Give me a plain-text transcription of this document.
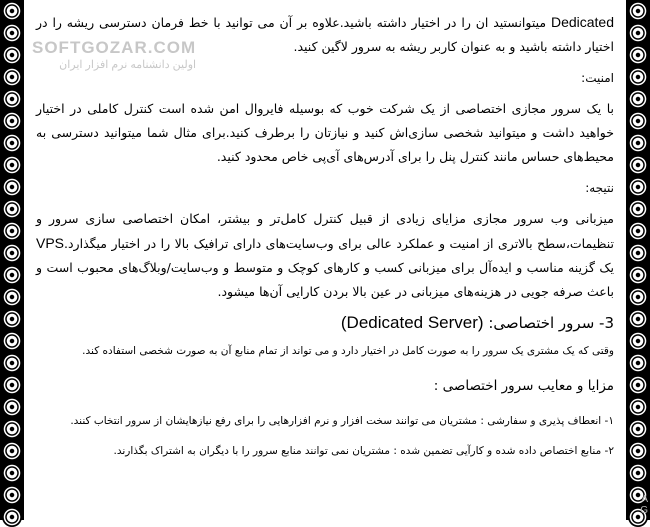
Dedicated میتوانستید ان را در اختیار داشته باشید.علاوه بر آن می توانید با خط فرمان دسترسی ریشه را در اختیار داشته باشید و به عنوان کاربر ریشه به سرور لاگین کنید.

امنیت:

با یک سرور مجازی اختصاصی از یک شرکت خوب که بوسیله فایروال امن شده است کنترل کاملی در اختیار خواهید داشت و میتوانید شخصی سازی‌اش کنید و نیازتان را برطرف کنید.برای مثال شما میتوانید دسترسی به محیط‌های حساس مانند کنترل پنل را برای آدرس‌های آی‌پی خاص محدود کنید.

نتیجه:

میزبانی وب سرور مجازی مزایای زیادی از قبیل کنترل کامل‌تر و بیشتر، امکان اختصاصی سازی سرور و تنظیمات،سطح بالاتری از امنیت و عملکرد عالی برای وب‌سایت‌های دارای ترافیک بالا را در اختیار میگذارد.VPS یک گزینه مناسب و ایده‌آل برای میزبانی کسب و کارهای کوچک و متوسط و وب‌سایت/وبلاگ‌های محبوب است و باعث صرفه جویی در هزینه‌های میزبانی در عین بالا بردن کارایی آن‌ها میشود.

3- سرور اختصاصی: (Dedicated Server)

وقتی که یک مشتری یک سرور را به صورت کامل در اختیار دارد و می تواند از تمام منابع آن به صورت شخصی استفاده کند.

مزایا و معایب سرور اختصاصی :

۱- انعطاف پذیری و سفارشی : مشتریان می توانند سخت افزار و نرم افزارهایی را برای رفع نیازهایشان از سرور انتخاب کنند.

۲- منابع اختصاص داده شده و کارآیی تضمین شده : مشتریان نمی توانند منابع سرور را با دیگران به اشتراک بگذارند.

SOFTGOZAR.COM
اولین دانشنامه نرم افزار ایران
A
G
